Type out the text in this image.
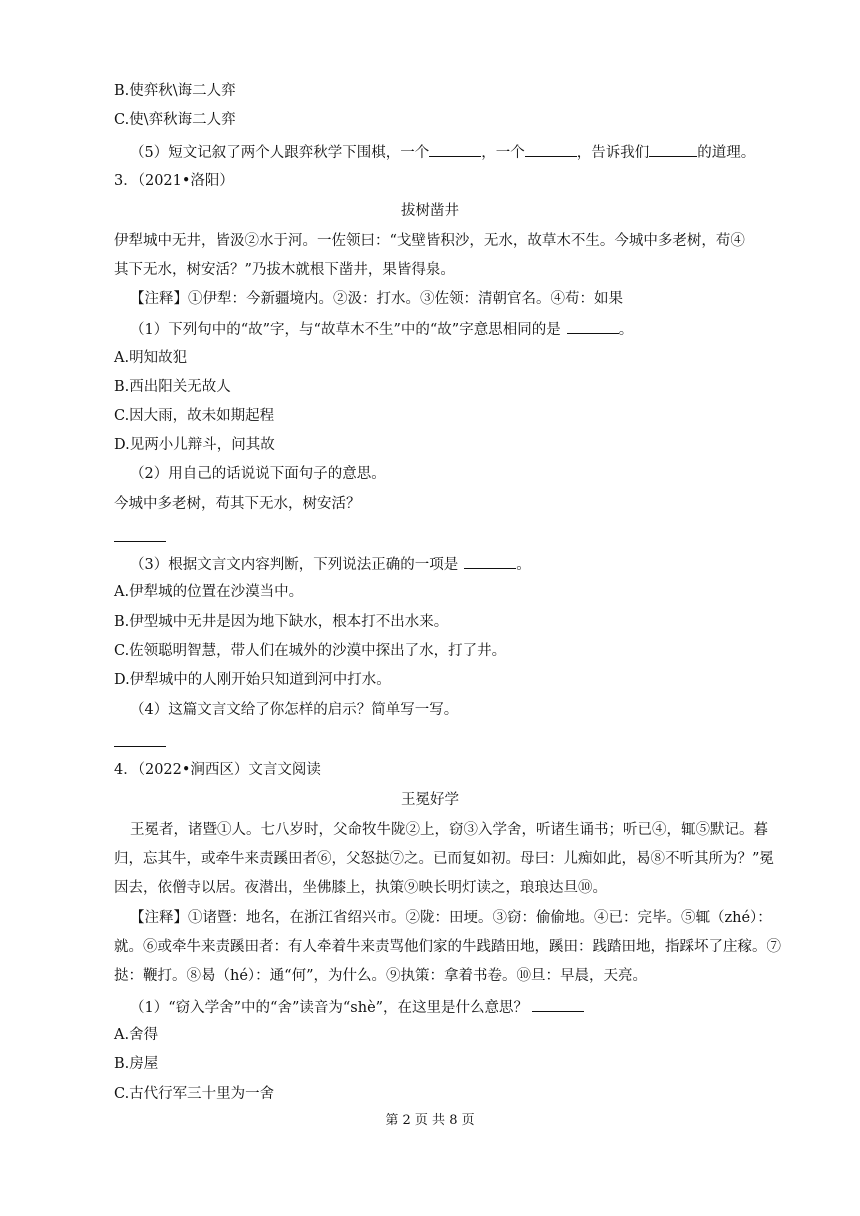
B.使弈秋\诲二人弈
C.使\弈秋诲二人弈
（5）短文记叙了两个人跟弈秋学下围棋，一个	，一个	，告诉我们	的道理。
3．（2021•洛阳）
拔树凿井
伊犁城中无井，皆汲②水于河。一佐领曰：“戈壁皆积沙，无水，故草木不生。今城中多老树，苟④
其下无水，树安活？”乃拔木就根下凿井，果皆得泉。
【注释】①伊犁：今新疆境内。②汲：打水。③佐领：清朝官名。④苟：如果
（1）下列句中的“故”字，与“故草木不生”中的“故”字意思相同的是	。
A.明知故犯
B.西出阳关无故人
C.因大雨，故未如期起程
D.见两小儿辩斗，问其故
（2）用自己的话说说下面句子的意思。
今城中多老树，苟其下无水，树安活？
（3）根据文言文内容判断，下列说法正确的一项是	。
A.伊犁城的位置在沙漠当中。
B.伊型城中无井是因为地下缺水，根本打不出水来。
C.佐领聪明智慧，带人们在城外的沙漠中探出了水，打了井。
D.伊犁城中的人刚开始只知道到河中打水。
（4）这篇文言文给了你怎样的启示？简单写一写。
4．（2022•涧西区）文言文阅读
王冕好学
王冕者，诸暨①人。七八岁时，父命牧牛陇②上，窃③入学舍，听诸生诵书；听已④，辄⑤默记。暮
归，忘其牛，或牵牛来责蹊田者⑥，父怒挞⑦之。已而复如初。母曰：儿痴如此，曷⑧不听其所为？”冕
因去，依僧寺以居。夜潜出，坐佛膝上，执策⑨映长明灯读之，琅琅达旦⑩。
【注释】①诸暨：地名，在浙江省绍兴市。②陇：田埂。③窃：偷偷地。④已：完毕。⑤辄（zhé）：
就。⑥或牵牛来责蹊田者：有人牵着牛来责骂他们家的牛践踏田地，蹊田：践踏田地，指踩坏了庄稼。⑦
挞：鞭打。⑧曷（hé）：通“何”，为什么。⑨执策：拿着书卷。⑩旦：早晨，天亮。
（1）“窃入学舍”中的“舍”读音为“shè”，在这里是什么意思？
A.舍得
B.房屋
C.古代行军三十里为一舍
第 2 页 共 8 页
